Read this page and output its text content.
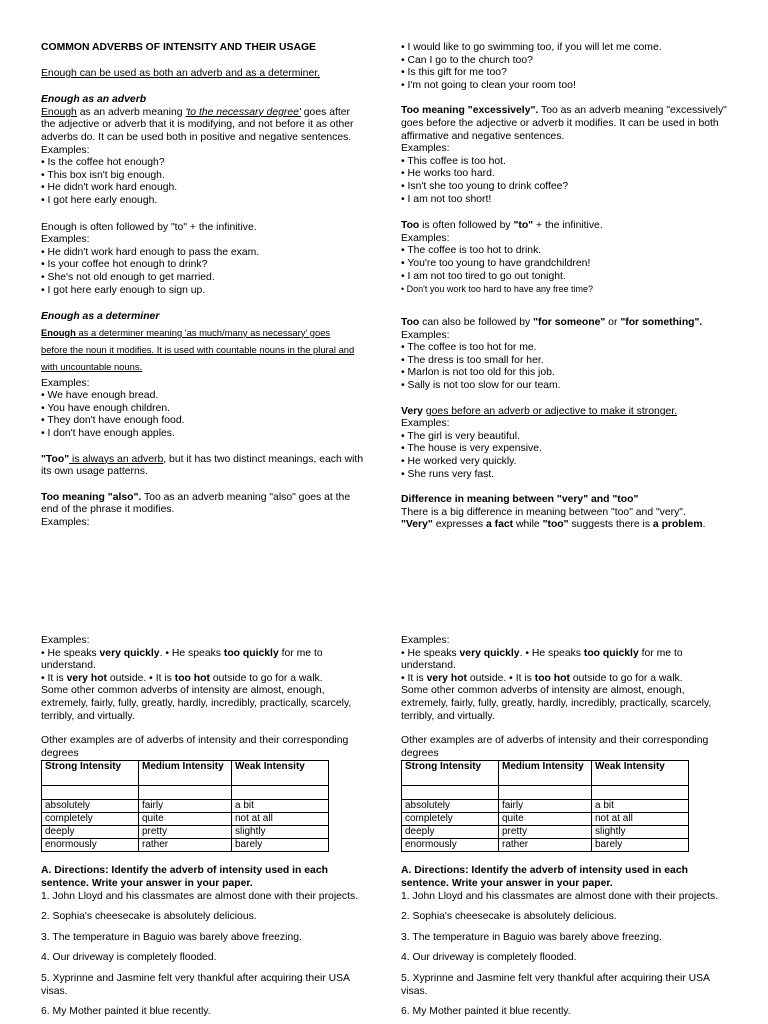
COMMON ADVERBS OF INTENSITY AND THEIR USAGE

Enough can be used as both an adverb and as a determiner.

Enough as an adverb

Enough as an adverb meaning 'to the necessary degree' goes after the adjective or adverb that it is modifying, and not before it as other adverbs do. It can be used both in positive and negative sentences.

Examples:

• Is the coffee hot enough?

• This box isn't big enough.

• He didn't work hard enough.

• I got here early enough.

Enough is often followed by "to" + the infinitive.

Examples:

• He didn't work hard enough to pass the exam.

• Is your coffee hot enough to drink?

• She's not old enough to get married.

• I got here early enough to sign up.

Enough as a determiner

Enough as a determiner meaning 'as much/many as necessary' goes before the noun it modifies. It is used with countable nouns in the plural and with uncountable nouns.

Examples:

• We have enough bread.

• You have enough children.

• They don't have enough food.

• I don't have enough apples.

"Too" is always an adverb, but it has two distinct meanings, each with its own usage patterns.

Too meaning "also". Too as an adverb meaning "also" goes at the end of the phrase it modifies.

Examples:

• I would like to go swimming too, if you will let me come.

• Can I go to the church too?

• Is this gift for me too?

• I'm not going to clean your room too!

Too meaning "excessively". Too as an adverb meaning "excessively" goes before the adjective or adverb it modifies. It can be used in both affirmative and negative sentences.

Examples:

• This coffee is too hot.

• He works too hard.

• Isn't she too young to drink coffee?

• I am not too short!

Too is often followed by "to" + the infinitive.

Examples:

• The coffee is too hot to drink.

• You're too young to have grandchildren!

• I am not too tired to go out tonight.

• Don't you work too hard to have any free time?

Too can also be followed by "for someone" or "for something".

Examples:

• The coffee is too hot for me.

• The dress is too small for her.

• Marlon is not too old for this job.

• Sally is not too slow for our team.

Very goes before an adverb or adjective to make it stronger.

Examples:

• The girl is very beautiful.

• The house is very expensive.

• He worked very quickly.

• She runs very fast.

Difference in meaning between "very" and "too"

There is a big difference in meaning between "too" and "very".

"Very" expresses a fact while "too" suggests there is a problem.

Examples:

• He speaks very quickly. • He speaks too quickly for me to understand.

• It is very hot outside. • It is too hot outside to go for a walk.

Some other common adverbs of intensity are almost, enough, extremely, fairly, fully, greatly, hardly, incredibly, practically, scarcely, terribly, and virtually.

Other examples are of adverbs of intensity and their corresponding degrees

Strong Intensity	Medium Intensity	Weak Intensity

absolutely	fairly	a bit
completely	quite	not at all
deeply	pretty	slightly
enormously	rather	barely

A. Directions: Identify the adverb of intensity used in each sentence. Write your answer in your paper.

1. John Lloyd and his classmates are almost done with their projects.

2. Sophia's cheesecake is absolutely delicious.

3. The temperature in Baguio was barely above freezing.

4. Our driveway is completely flooded.

5. Xyprinne and Jasmine felt very thankful after acquiring their USA visas.

6. My Mother painted it blue recently.

Examples:

• He speaks very quickly. • He speaks too quickly for me to understand.

• It is very hot outside. • It is too hot outside to go for a walk.

Some other common adverbs of intensity are almost, enough, extremely, fairly, fully, greatly, hardly, incredibly, practically, scarcely, terribly, and virtually.

Other examples are of adverbs of intensity and their corresponding degrees

Strong Intensity	Medium Intensity	Weak Intensity

absolutely	fairly	a bit
completely	quite	not at all
deeply	pretty	slightly
enormously	rather	barely

A. Directions: Identify the adverb of intensity used in each sentence. Write your answer in your paper.

1. John Lloyd and his classmates are almost done with their projects.

2. Sophia's cheesecake is absolutely delicious.

3. The temperature in Baguio was barely above freezing.

4. Our driveway is completely flooded.

5. Xyprinne and Jasmine felt very thankful after acquiring their USA visas.

6. My Mother painted it blue recently.
